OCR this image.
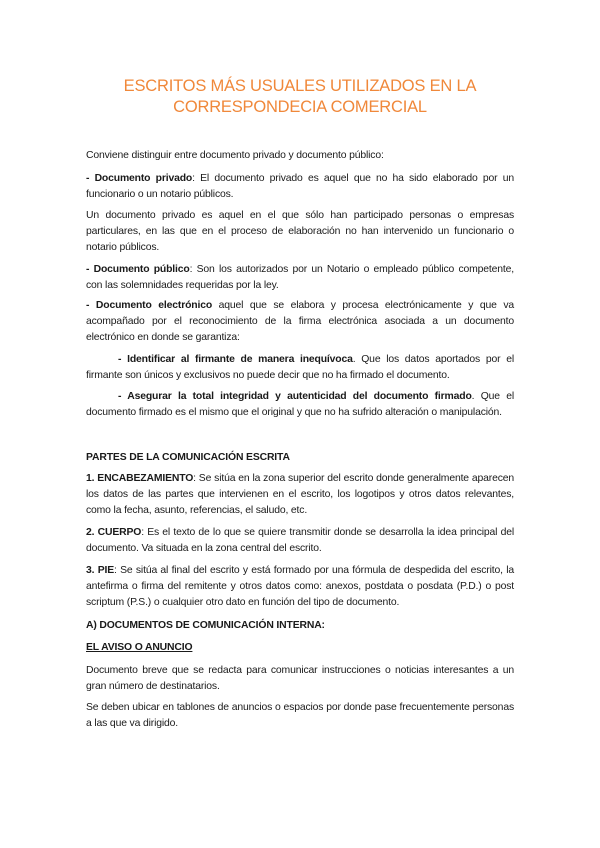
ESCRITOS MÁS USUALES UTILIZADOS EN LA
CORRESPONDECIA COMERCIAL
Conviene distinguir entre documento privado y documento público:
- Documento privado: El documento privado es aquel que no ha sido elaborado por un funcionario o un notario públicos.
Un documento privado es aquel en el que sólo han participado personas o empresas particulares, en las que en el proceso de elaboración no han intervenido un funcionario o notario públicos.
- Documento público: Son los autorizados por un Notario o empleado público competente, con las solemnidades requeridas por la ley.
- Documento electrónico aquel que se elabora y procesa electrónicamente y que va acompañado por el reconocimiento de la firma electrónica asociada a un documento electrónico en donde se garantiza:
- Identificar al firmante de manera inequívoca. Que los datos aportados por el firmante son únicos y exclusivos no puede decir que no ha firmado el documento.
- Asegurar la total integridad y autenticidad del documento firmado. Que el documento firmado es el mismo que el original y que no ha sufrido alteración o manipulación.
PARTES DE LA COMUNICACIÓN ESCRITA
1. ENCABEZAMIENTO: Se sitúa en la zona superior del escrito donde generalmente aparecen los datos de las partes que intervienen en el escrito, los logotipos y otros datos relevantes, como la fecha, asunto, referencias, el saludo, etc.
2. CUERPO: Es el texto de lo que se quiere transmitir donde se desarrolla la idea principal del documento. Va situada en la zona central del escrito.
3. PIE: Se sitúa al final del escrito y está formado por una fórmula de despedida del escrito, la antefirma o firma del remitente y otros datos como: anexos, postdata o posdata (P.D.) o post scriptum (P.S.) o cualquier otro dato en función del tipo de documento.
A) DOCUMENTOS DE COMUNICACIÓN INTERNA:
EL AVISO O ANUNCIO
Documento breve que se redacta para comunicar instrucciones o noticias interesantes a un gran número de destinatarios.
Se deben ubicar en tablones de anuncios o espacios por donde pase frecuentemente personas a las que va dirigido.
